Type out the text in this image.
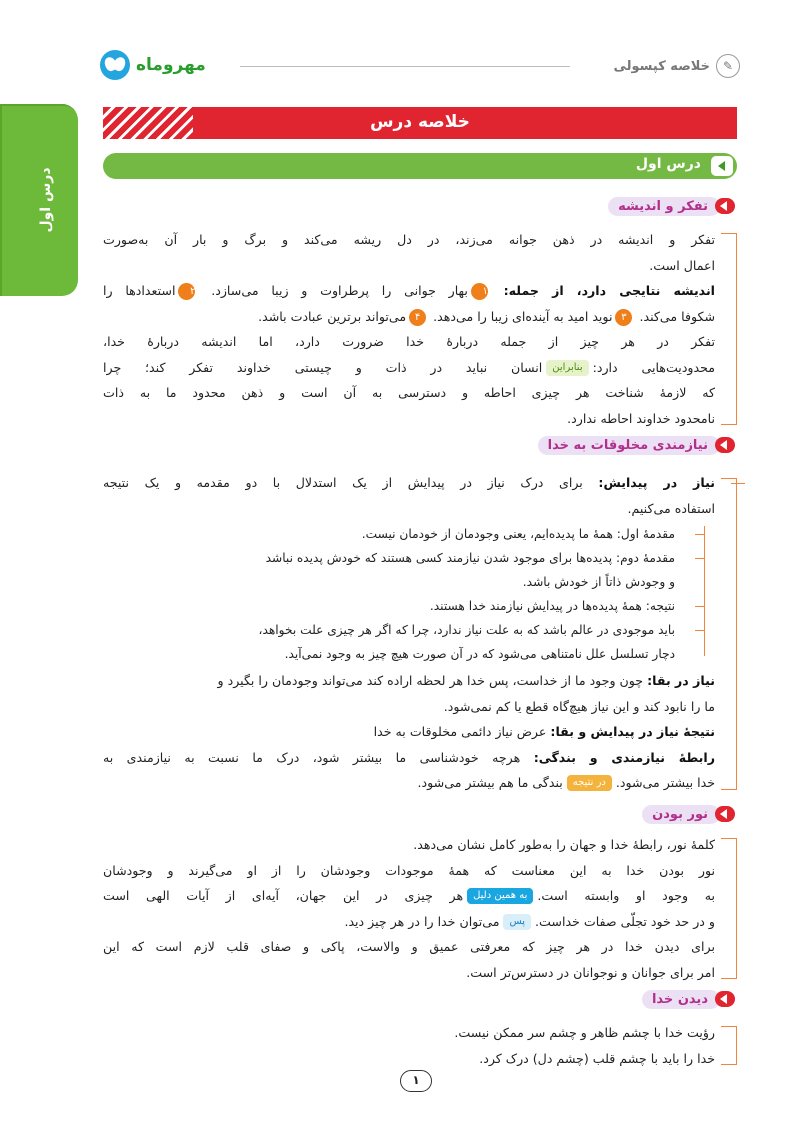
مهروماه	✎
خلاصه کپسولی
درس اول
خلاصه درس
درس اول
تفکر و اندیشه
تفکر و اندیشه در ذهن جوانه می‌زند، در دل ریشه می‌کند و برگ و بار آن به‌صورت
اعمال است.
اندیشه نتایجی دارد، از جمله: ۱بهار جوانی را پرطراوت و زیبا می‌سازد. ۲استعدادها را
شکوفا می‌کند. ۳نوید امید به آینده‌ای زیبا را می‌دهد. ۴می‌تواند برترین عبادت باشد.
تفکر در هر چیز از جمله دربارهٔ خدا ضرورت دارد، اما اندیشه دربارهٔ خدا،
محدودیت‌هایی دارد:بنابراینانسان نباید در ذات و چیستی خداوند تفکر کند؛ چرا
که لازمهٔ شناخت هر چیزی احاطه و دسترسی به آن است و ذهن محدود ما به ذات
نامحدود خداوند احاطه ندارد.
نیازمندی مخلوقات به خدا
نیاز در پیدایش: برای درک نیاز در پیدایش از یک استدلال با دو مقدمه و یک نتیجه
استفاده می‌کنیم.
مقدمهٔ اول: همهٔ ما پدیده‌ایم، یعنی وجودمان از خودمان نیست.
مقدمهٔ دوم: پدیده‌ها برای موجود شدن نیازمند کسی هستند که خودش پدیده نباشد
و وجودش ذاتاً از خودش باشد.
نتیجه: همهٔ پدیده‌ها در پیدایش نیازمند خدا هستند.
باید موجودی در عالم باشد که به علت نیاز ندارد، چرا که اگر هر چیزی علت بخواهد،
دچار تسلسل علل نامتناهی می‌شود که در آن صورت هیچ چیز به وجود نمی‌آید.
نیاز در بقا: چون وجود ما از خداست، پس خدا هر لحظه اراده کند می‌تواند وجودمان را بگیرد و
ما را نابود کند و این نیاز هیچ‌گاه قطع یا کم نمی‌شود.
نتیجهٔ نیاز در پیدایش و بقا: عرض نیاز دائمی مخلوقات به خدا
رابطهٔ نیازمندی و بندگی: هرچه خودشناسی ما بیشتر شود، درک ما نسبت به نیازمندی به
خدا بیشتر می‌شود.در نتیجهبندگی ما هم بیشتر می‌شود.
نور بودن
کلمهٔ نور، رابطهٔ خدا و جهان را به‌طور کامل نشان می‌دهد.
نور بودن خدا به این معناست که همهٔ موجودات وجودشان را از او می‌گیرند و وجودشان
به وجود او وابسته است.به همین دلیلهر چیزی در این جهان، آیه‌ای از آیات الهی است
و در حد خود تجلّی صفات خداست.پسمی‌توان خدا را در هر چیز دید.
برای دیدن خدا در هر چیز که معرفتی عمیق و والاست، پاکی و صفای قلب لازم است که این
امر برای جوانان و نوجوانان در دسترس‌تر است.
دیدن خدا
رؤیت خدا با چشم ظاهر و چشم سر ممکن نیست.
خدا را باید با چشم قلب (چشم دل) درک کرد.
۱
